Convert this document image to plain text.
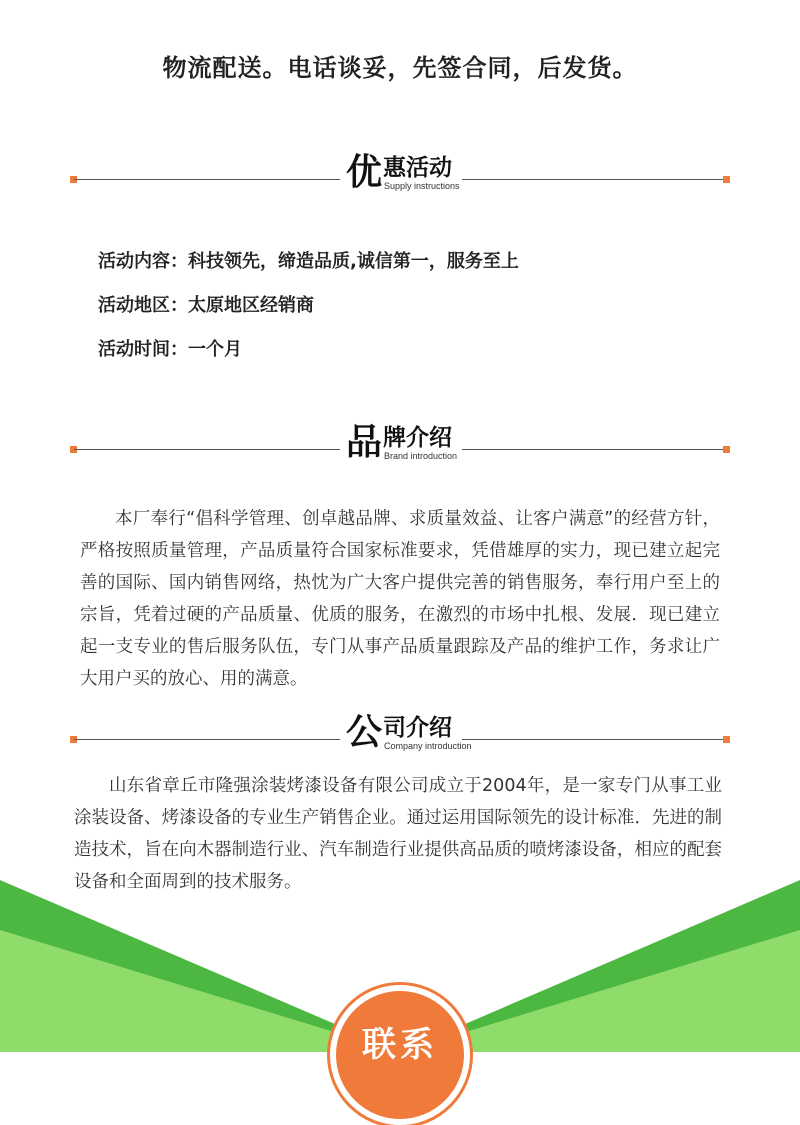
物流配送。电话谈妥，先签合同，后发货。
优 惠活动
Supply instructions
活动内容：科技领先，缔造品质,诚信第一，服务至上
活动地区：太原地区经销商
活动时间：一个月
品 牌介绍
Brand introduction

本厂奉行“倡科学管理、创卓越品牌、求质量效益、让客户满意”的经营方针，严格按照质量管理，产品质量符合国家标准要求，凭借雄厚的实力，现已建立起完善的国际、国内销售网络，热忱为广大客户提供完善的销售服务，奉行用户至上的宗旨，凭着过硬的产品质量、优质的服务，在激烈的市场中扎根、发展．现已建立起一支专业的售后服务队伍，专门从事产品质量跟踪及产品的维护工作，务求让广大用户买的放心、用的满意。

公 司介绍
Company introduction

山东省章丘市隆强涂装烤漆设备有限公司成立于2004年，是一家专门从事工业涂装设备、烤漆设备的专业生产销售企业。通过运用国际领先的设计标准．先进的制造技术，旨在向木器制造行业、汽车制造行业提供高品质的喷烤漆设备，相应的配套设备和全面周到的技术服务。

联系
